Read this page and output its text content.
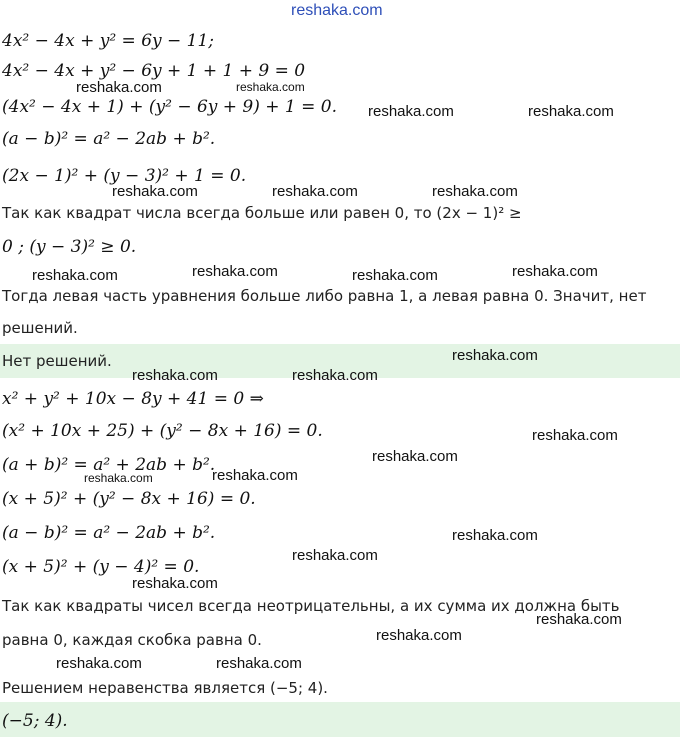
reshaka.com
4x² − 4x + y² = 6y − 11;
4x² − 4x + y² − 6y + 1 + 1 + 9 = 0
(4x² − 4x + 1) + (y² − 6y + 9) + 1 = 0.
(a − b)² = a² − 2ab + b².
(2x − 1)² + (y − 3)² + 1 = 0.
Так как квадрат числа всегда больше или равен 0, то (2x − 1)² ≥
0 ; (y − 3)² ≥ 0.
Тогда левая часть уравнения больше либо равна 1, а левая равна 0. Значит, нет
решений.
Нет решений.
x² + y² + 10x − 8y + 41 = 0 ⇒
(x² + 10x + 25) + (y² − 8x + 16) = 0.
(a + b)² = a² + 2ab + b².
(x + 5)² + (y² − 8x + 16) = 0.
(a − b)² = a² − 2ab + b².
(x + 5)² + (y − 4)² = 0.
Так как квадраты чисел всегда неотрицательны, а их сумма их должна быть
равна 0, каждая скобка равна 0.
Решением неравенства является (−5; 4).
(−5; 4).
reshaka.com	reshaka.com
reshaka.com	reshaka.com
reshaka.com	reshaka.com	reshaka.com
reshaka.com	reshaka.com	reshaka.com	reshaka.com
reshaka.com
reshaka.com	reshaka.com
reshaka.com
reshaka.com
reshaka.com	reshaka.com
reshaka.com
reshaka.com
reshaka.com
reshaka.com
reshaka.com
reshaka.com	reshaka.com
